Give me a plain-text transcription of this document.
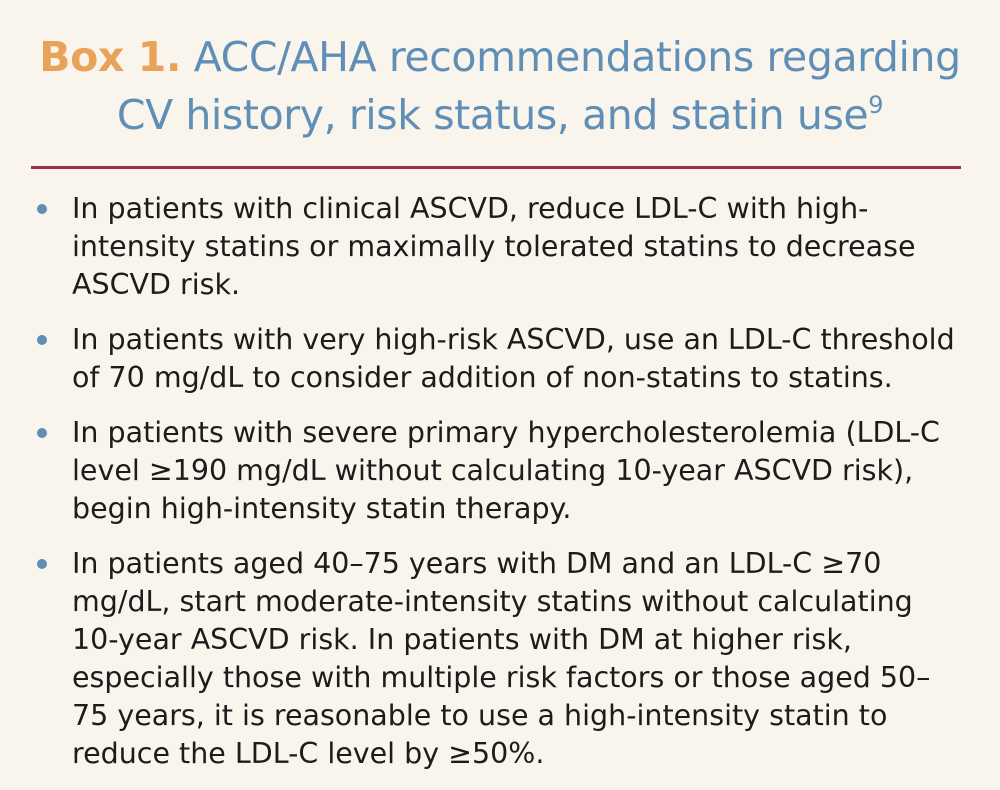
Box 1. ACC/AHA recommendations regarding
CV history, risk status, and statin use$^9$
In patients with clinical ASCVD, reduce LDL-C with high-intensity statins or maximally tolerated statins to decrease ASCVD risk.
In patients with very high-risk ASCVD, use an LDL-C threshold of 70 mg/dL to consider addition of non-statins to statins.
In patients with severe primary hypercholesterolemia (LDL-C level ≥190 mg/dL without calculating 10-year ASCVD risk), begin high-intensity statin therapy.
In patients aged 40–75 years with DM and an LDL-C ≥70 mg/dL, start moderate-intensity statins without calculating 10-year ASCVD risk. In patients with DM at higher risk, especially those with multiple risk factors or those aged 50–75 years, it is reasonable to use a high-intensity statin to reduce the LDL-C level by ≥50%.
